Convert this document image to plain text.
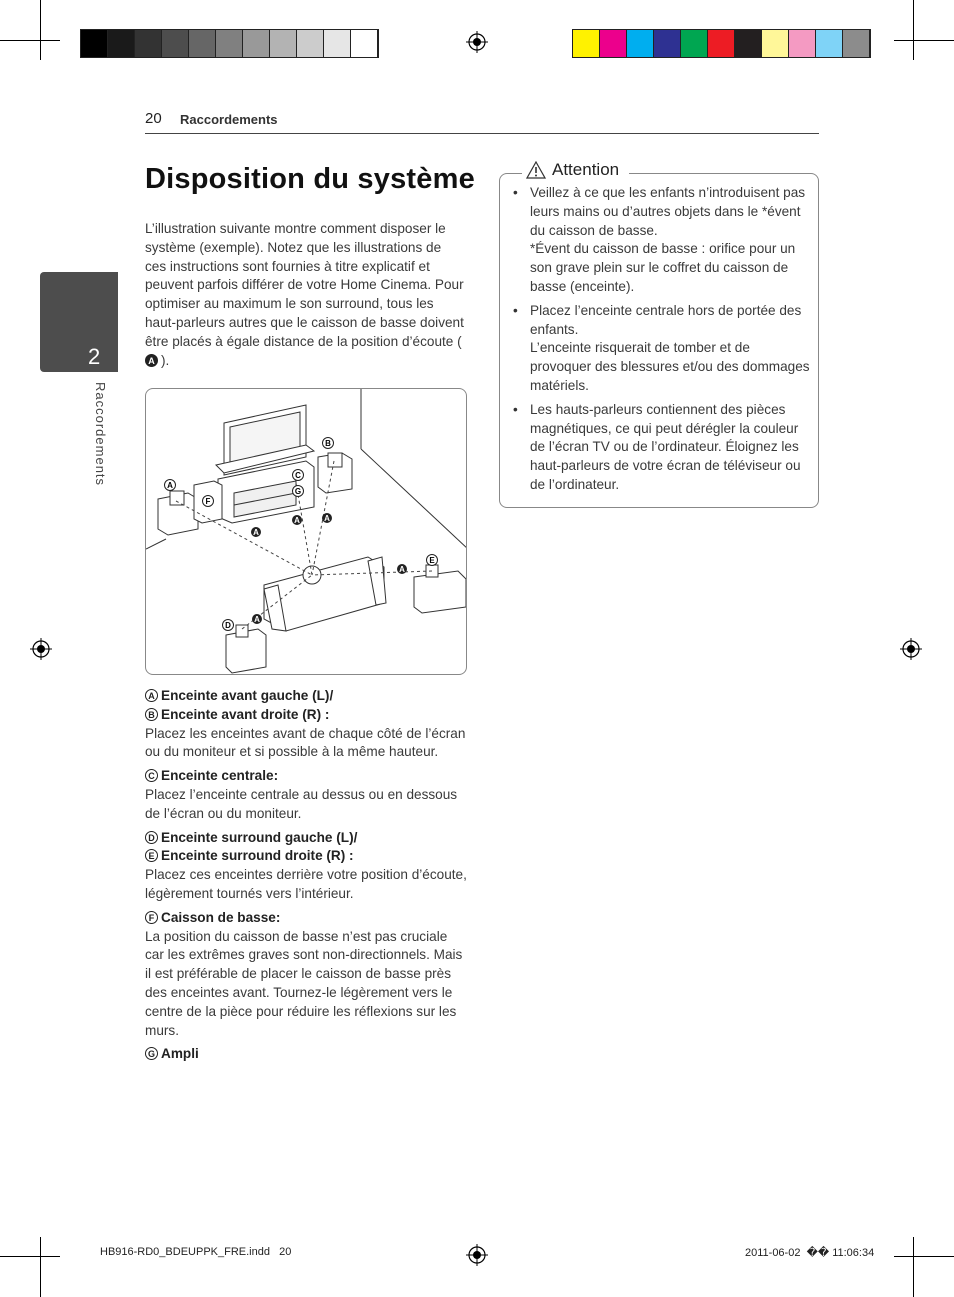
20 Raccordements
2
Raccordements
Disposition du système

L’illustration suivante montre comment disposer le système (exemple). Notez que les illustrations de ces instructions sont fournies à titre explicatif et peuvent parfois différer de votre Home Cinema. Pour optimiser au maximum le son surround, tous les haut-parleurs autres que le caisson de basse doivent être placés à égale distance de la position d’écoute (A ).

A
B
C
G
F
D
E
A
A	A
A
A
A Enceinte avant gauche (L)/
B Enceinte avant droite (R) :
Placez les enceintes avant de chaque côté de l’écran ou du moniteur et si possible à la même hauteur.
C Enceinte centrale:
Placez l’enceinte centrale au dessus ou en dessous de l’écran ou du moniteur.
D Enceinte surround gauche (L)/
E Enceinte surround droite (R) :
Placez ces enceintes derrière votre position d’écoute, légèrement tournés vers l’intérieur.
F Caisson de basse:
La position du caisson de basse n’est pas cruciale car les extrêmes graves sont non-directionnels. Mais il est préférable de placer le caisson de basse près des enceintes avant. Tournez-le légèrement vers le centre de la pièce pour réduire les réflexions sur les murs.
G Ampli
Attention
• Veillez à ce que les enfants n’introduisent pas leurs mains ou d’autres objets dans le *évent du caisson de basse.
*Évent du caisson de basse : orifice pour un son grave plein sur le coffret du caisson de basse (enceinte).
• Placez l’enceinte centrale hors de portée des enfants.
L’enceinte risquerait de tomber et de provoquer des blessures et/ou des dommages matériels.
• Les hauts-parleurs contiennent des pièces magnétiques, ce qui peut dérégler la couleur de l’écran TV ou de l’ordinateur. Éloignez les haut-parleurs de votre écran de téléviseur ou de l’ordinateur.
HB916-RD0_BDEUPPK_FRE.indd   20	2011-06-02 �� 11:06:34
